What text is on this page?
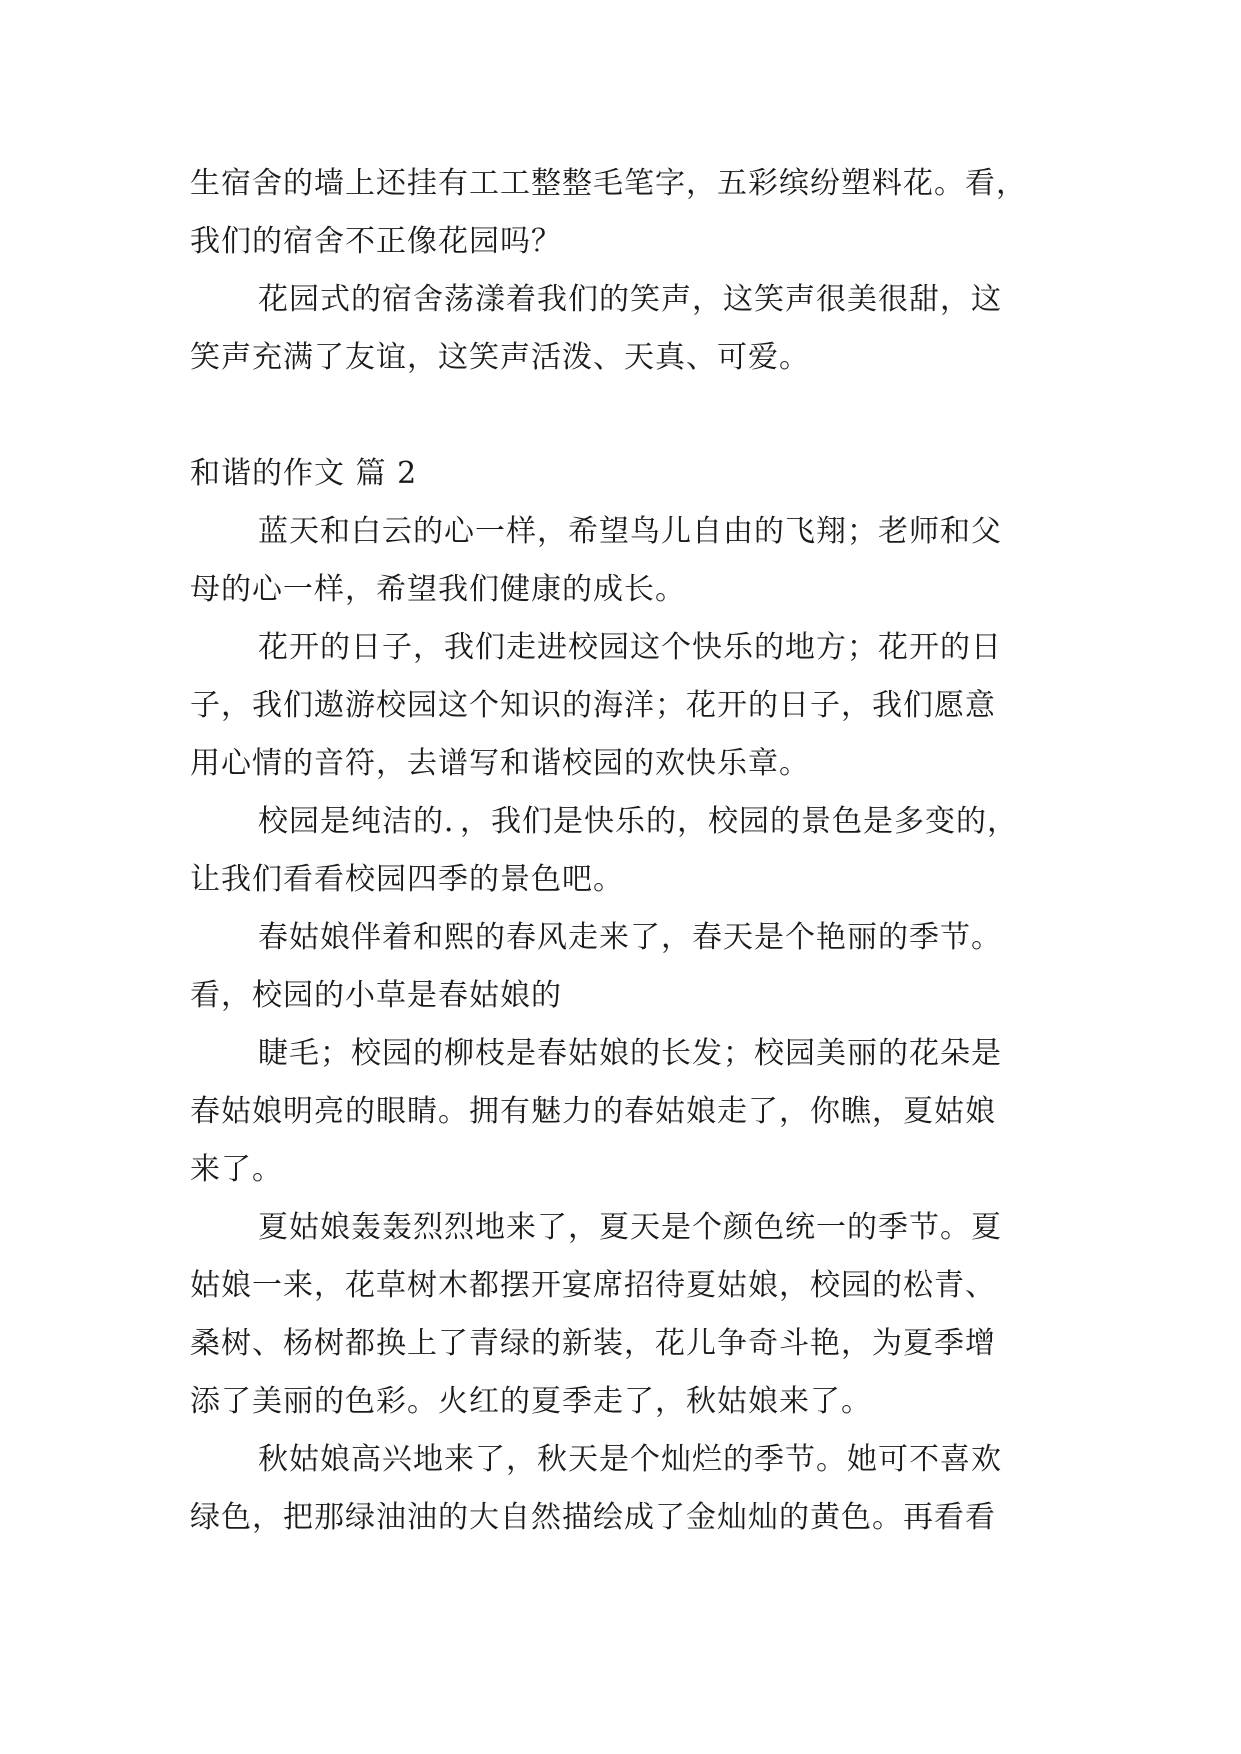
生宿舍的墙上还挂有工工整整毛笔字，五彩缤纷塑料花。看，
我们的宿舍不正像花园吗？
花园式的宿舍荡漾着我们的笑声，这笑声很美很甜，这
笑声充满了友谊，这笑声活泼、天真、可爱。
和谐的作文 篇 2
蓝天和白云的心一样，希望鸟儿自由的飞翔；老师和父
母的心一样，希望我们健康的成长。
花开的日子，我们走进校园这个快乐的地方；花开的日
子，我们遨游校园这个知识的海洋；花开的日子，我们愿意
用心情的音符，去谱写和谐校园的欢快乐章。
校园是纯洁的．，我们是快乐的，校园的景色是多变的，
让我们看看校园四季的景色吧。
春姑娘伴着和熙的春风走来了，春天是个艳丽的季节。
看，校园的小草是春姑娘的
睫毛；校园的柳枝是春姑娘的长发；校园美丽的花朵是
春姑娘明亮的眼睛。拥有魅力的春姑娘走了，你瞧，夏姑娘
来了。
夏姑娘轰轰烈烈地来了，夏天是个颜色统一的季节。夏
姑娘一来，花草树木都摆开宴席招待夏姑娘，校园的松青、
桑树、杨树都换上了青绿的新装，花儿争奇斗艳，为夏季增
添了美丽的色彩。火红的夏季走了，秋姑娘来了。
秋姑娘高兴地来了，秋天是个灿烂的季节。她可不喜欢
绿色，把那绿油油的大自然描绘成了金灿灿的黄色。再看看
